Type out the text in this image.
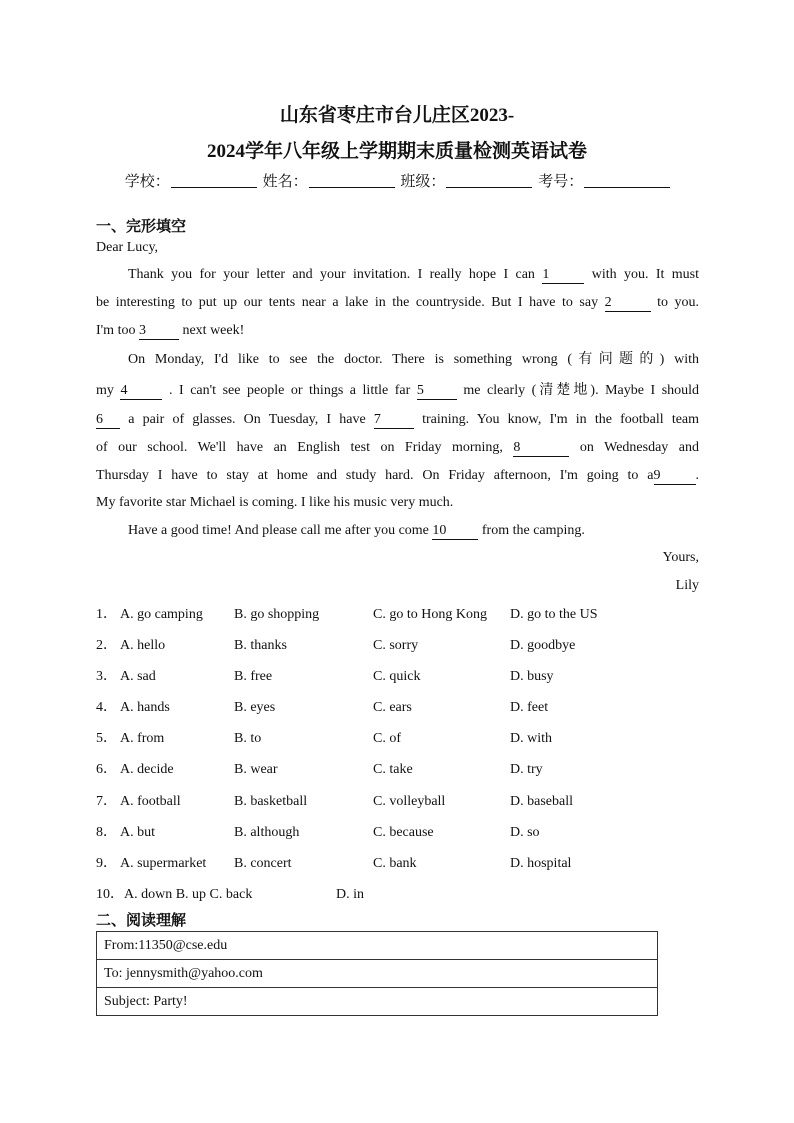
山东省枣庄市台儿庄区2023-
2024学年八年级上学期期末质量检测英语试卷
学校：	姓名：	班级：	考号：
一、完形填空
Dear Lucy,
Thank you for your letter and your invitation. I really hope I can 1	with you. It must
be interesting to put up our tents near a lake in the countryside. But I have to say 2	to you.
I'm too 3	next week!
On Monday, I'd like to see the doctor. There is something wrong (有问题的) with
my 4	. I can't see people or things a little far 5	me clearly (清楚地). Maybe I should
6 a pair of glasses. On Tuesday, I have 7	training. You know, I'm in the football team
of our school. We'll have an English test on Friday morning, 8	on Wednesday and
Thursday I have to stay at home and study hard. On Friday afternoon, I'm going to a9	.
My favorite star Michael is coming. I like his music very much.
Have a good time! And please call me after you come 10	from the camping.
Yours,
Lily
1． A. go camping B. go shopping	C. go to Hong Kong D. go to the US
2． A. hello	B. thanks	C. sorry	D. goodbye
3． A. sad	B. free	C. quick	D. busy
4． A. hands	B. eyes	C. ears	D. feet
5． A. from	B. to	C. of	D. with
6． A. decide	B. wear	C. take	D. try
7． A. football	B. basketball	C. volleyball	D. baseball
8． A. but	B. although	C. because	D. so
9． A. supermarket B. concert	C. bank	D. hospital
10．A. down B. up C. back	D. in
二、阅读理解
From:11350@cse.edu
To: jennysmith@yahoo.com
Subject: Party!
